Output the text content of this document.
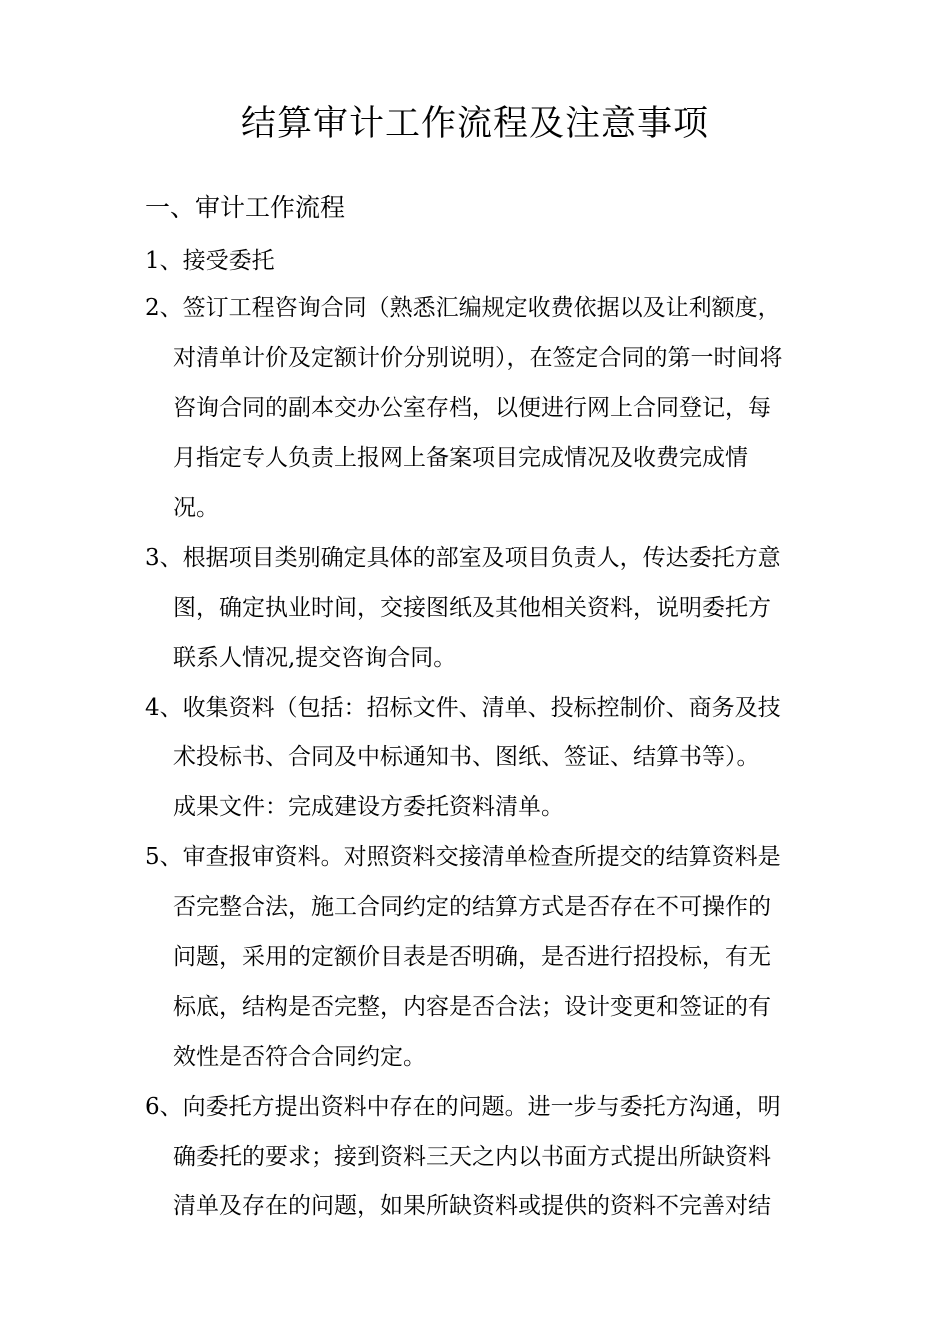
结算审计工作流程及注意事项
一、审计工作流程
1、接受委托
2、签订工程咨询合同（熟悉汇编规定收费依据以及让利额度，
对清单计价及定额计价分别说明），在签定合同的第一时间将
咨询合同的副本交办公室存档，以便进行网上合同登记，每
月指定专人负责上报网上备案项目完成情况及收费完成情
况。
3、根据项目类别确定具体的部室及项目负责人，传达委托方意
图，确定执业时间，交接图纸及其他相关资料，说明委托方
联系人情况,提交咨询合同。
4、收集资料（包括：招标文件、清单、投标控制价、商务及技
术投标书、合同及中标通知书、图纸、签证、结算书等）。
成果文件：完成建设方委托资料清单。
5、审查报审资料。对照资料交接清单检查所提交的结算资料是
否完整合法，施工合同约定的结算方式是否存在不可操作的
问题，采用的定额价目表是否明确，是否进行招投标，有无
标底，结构是否完整，内容是否合法；设计变更和签证的有
效性是否符合合同约定。
6、向委托方提出资料中存在的问题。进一步与委托方沟通，明
确委托的要求；接到资料三天之内以书面方式提出所缺资料
清单及存在的问题，如果所缺资料或提供的资料不完善对结
